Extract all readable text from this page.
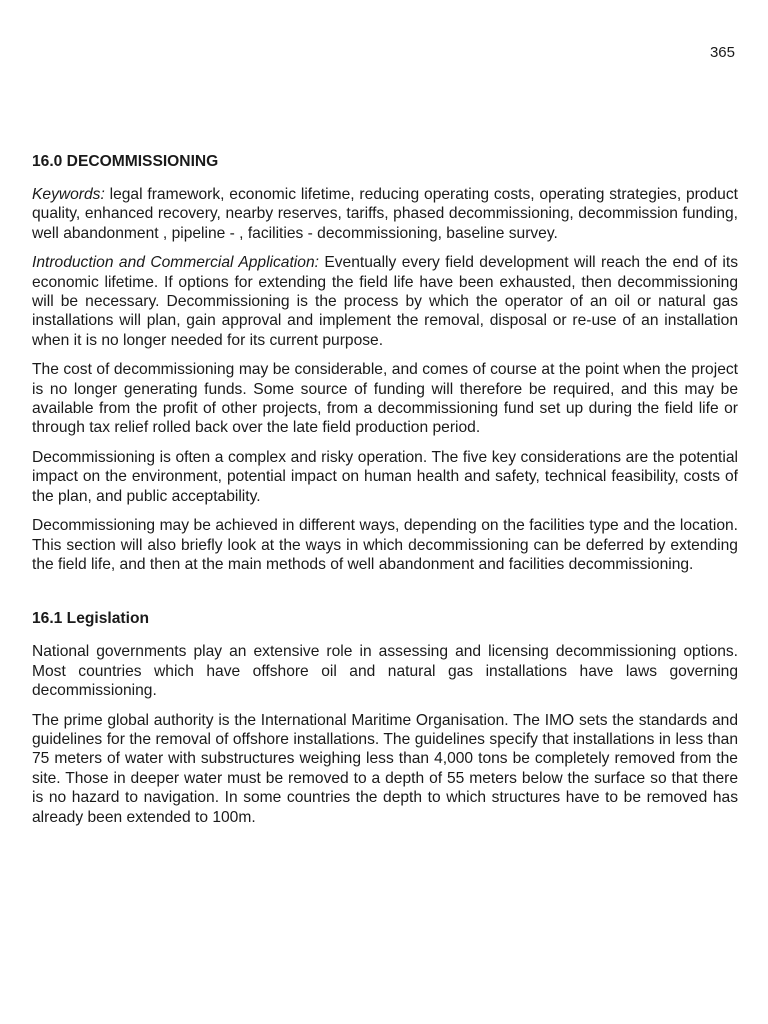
365
16.0 DECOMMISSIONING

Keywords: legal framework, economic lifetime, reducing operating costs, operating strategies, product quality, enhanced recovery, nearby reserves, tariffs, phased decommissioning, decommission funding, well abandonment , pipeline - , facilities - decommissioning, baseline survey.

Introduction and Commercial Application: Eventually every field development will reach the end of its economic lifetime. If options for extending the field life have been exhausted, then decommissioning will be necessary. Decommissioning is the process by which the operator of an oil or natural gas installations will plan, gain approval and implement the removal, disposal or re-use of an installation when it is no longer needed for its current purpose.

The cost of decommissioning may be considerable, and comes of course at the point when the project is no longer generating funds. Some source of funding will therefore be required, and this may be available from the profit of other projects, from a decommissioning fund set up during the field life or through tax relief rolled back over the late field production period.

Decommissioning is often a complex and risky operation. The five key considerations are the potential impact on the environment, potential impact on human health and safety, technical feasibility, costs of the plan, and public acceptability.

Decommissioning may be achieved in different ways, depending on the facilities type and the location. This section will also briefly look at the ways in which decommissioning can be deferred by extending the field life, and then at the main methods of well abandonment and facilities decommissioning.

16.1 Legislation

National governments play an extensive role in assessing and licensing decommissioning options. Most countries which have offshore oil and natural gas installations have laws governing decommissioning.

The prime global authority is the International Maritime Organisation. The IMO sets the standards and guidelines for the removal of offshore installations. The guidelines specify that installations in less than 75 meters of water with substructures weighing less than 4,000 tons be completely removed from the site. Those in deeper water must be removed to a depth of 55 meters below the surface so that there is no hazard to navigation. In some countries the depth to which structures have to be removed has already been extended to 100m.
